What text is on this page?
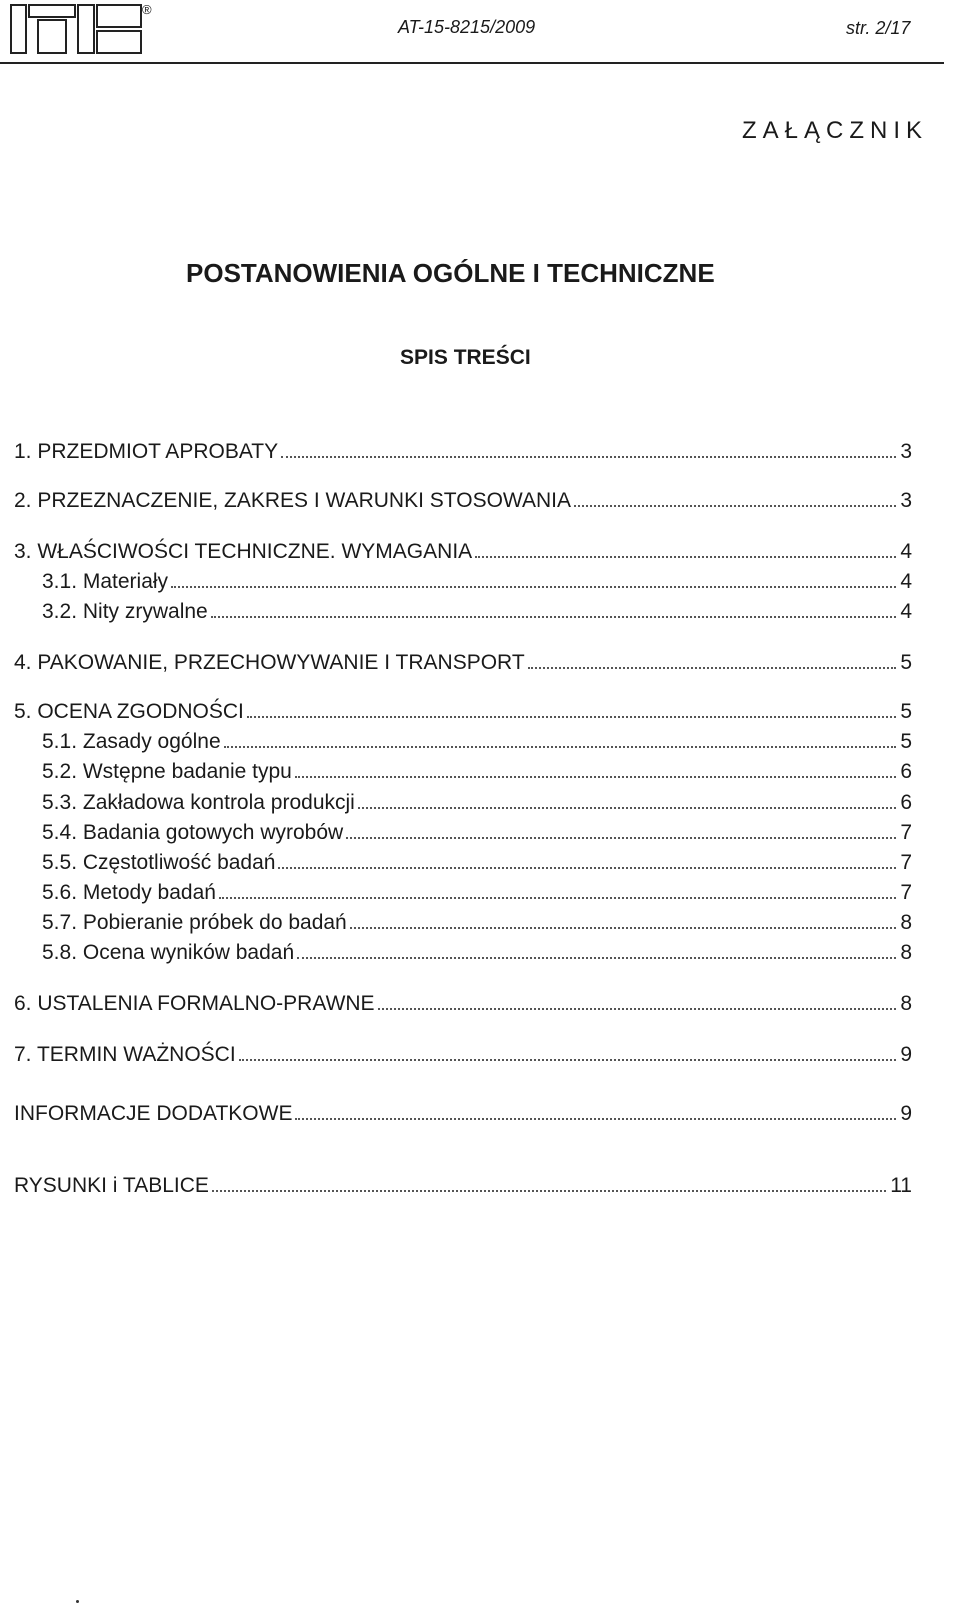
®
AT-15-8215/2009	str. 2/17
ZAŁĄCZNIK
POSTANOWIENIA OGÓLNE I TECHNICZNE
SPIS TREŚCI
1. PRZEDMIOT APROBATY	3
2. PRZEZNACZENIE, ZAKRES I WARUNKI STOSOWANIA	3
3. WŁAŚCIWOŚCI TECHNICZNE. WYMAGANIA	4
3.1. Materiały	4
3.2. Nity zrywalne	4
4. PAKOWANIE, PRZECHOWYWANIE I TRANSPORT	5
5. OCENA ZGODNOŚCI	5
5.1. Zasady ogólne	5
5.2. Wstępne badanie typu	6
5.3. Zakładowa kontrola produkcji	6
5.4. Badania gotowych wyrobów	7
5.5. Częstotliwość badań	7
5.6. Metody badań	7
5.7. Pobieranie próbek do badań	8
5.8. Ocena wyników badań	8
6. USTALENIA FORMALNO-PRAWNE	8
7. TERMIN WAŻNOŚCI	9
INFORMACJE DODATKOWE	9
RYSUNKI i TABLICE	11
